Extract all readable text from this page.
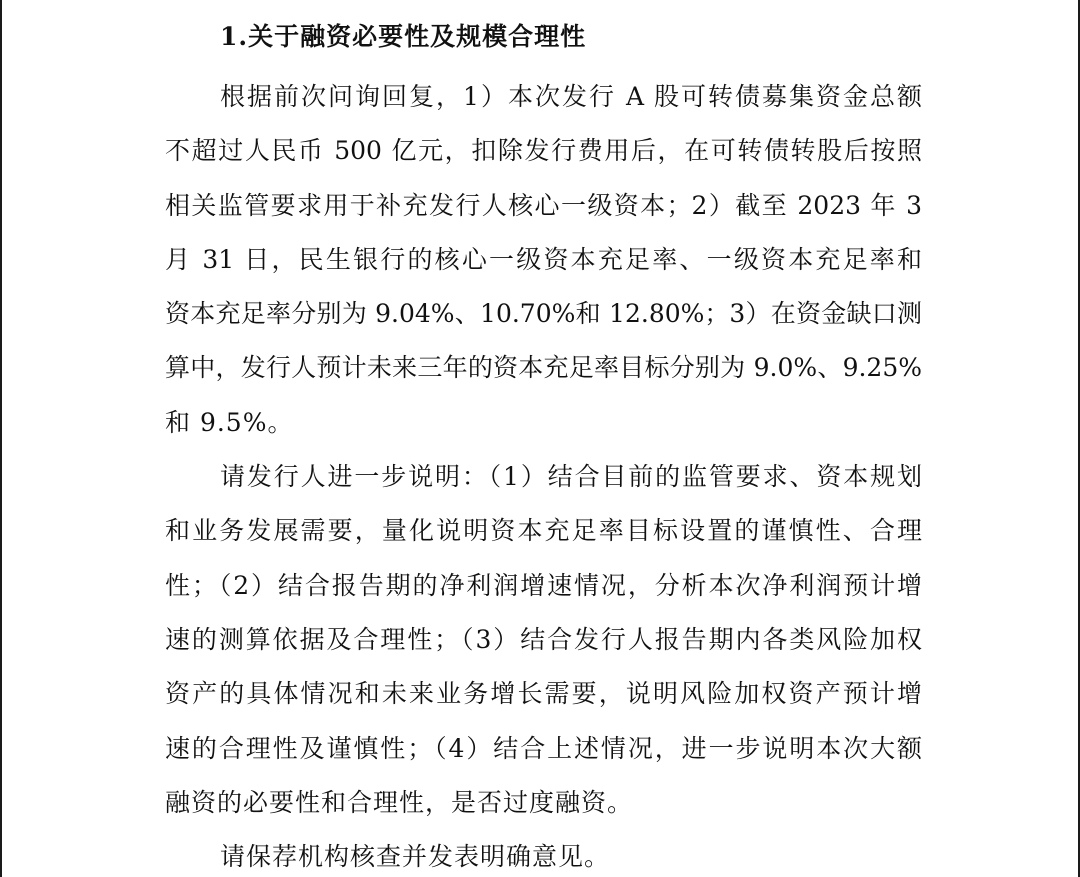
1.关于融资必要性及规模合理性
根据前次问询回复，1）本次发行 A 股可转债募集资金总额
不超过人民币 500 亿元，扣除发行费用后，在可转债转股后按照
相关监管要求用于补充发行人核心一级资本；2）截至 2023 年 3
月 31 日，民生银行的核心一级资本充足率、一级资本充足率和
资本充足率分别为 9.04%、10.70%和 12.80%；3）在资金缺口测
算中，发行人预计未来三年的资本充足率目标分别为 9.0%、9.25%
和 9.5%。
请发行人进一步说明：（1）结合目前的监管要求、资本规划
和业务发展需要，量化说明资本充足率目标设置的谨慎性、合理
性；（2）结合报告期的净利润增速情况，分析本次净利润预计增
速的测算依据及合理性；（3）结合发行人报告期内各类风险加权
资产的具体情况和未来业务增长需要，说明风险加权资产预计增
速的合理性及谨慎性；（4）结合上述情况，进一步说明本次大额
融资的必要性和合理性，是否过度融资。
请保荐机构核查并发表明确意见。
